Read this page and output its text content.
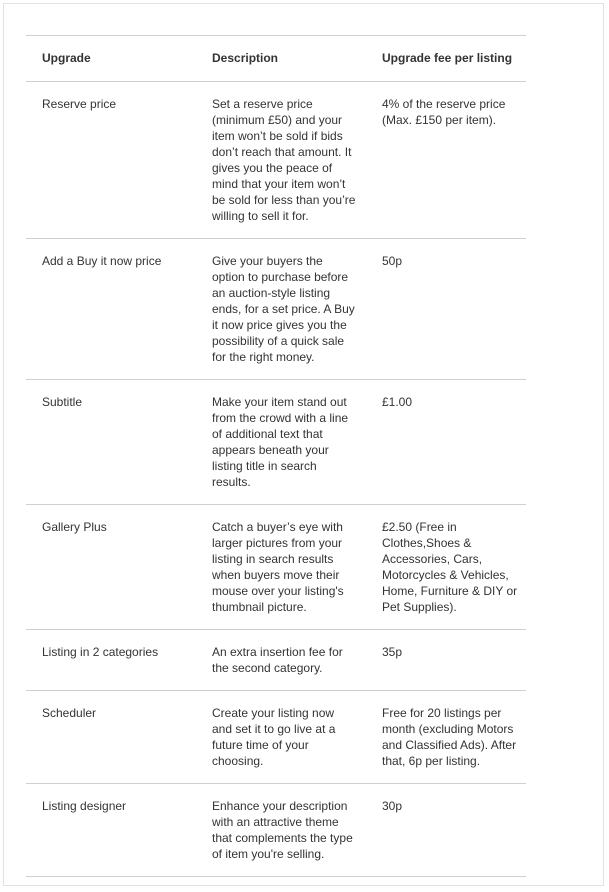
Upgrade	Description	Upgrade fee per listing
Reserve price	Set a reserve price (minimum £50) and your item won’t be sold if bids don’t reach that amount. It gives you the peace of mind that your item won’t be sold for less than you’re willing to sell it for.	4% of the reserve price (Max. £150 per item).
Add a Buy it now price	Give your buyers the option to purchase before an auction-style listing ends, for a set price. A Buy it now price gives you the possibility of a quick sale for the right money.	50p
Subtitle	Make your item stand out from the crowd with a line of additional text that appears beneath your listing title in search results.	£1.00
Gallery Plus	Catch a buyer’s eye with larger pictures from your listing in search results when buyers move their mouse over your listing's thumbnail picture.	£2.50 (Free in Clothes,Shoes & Accessories, Cars, Motorcycles & Vehicles, Home, Furniture & DIY or Pet Supplies).
Listing in 2 categories	An extra insertion fee for the second category.	35p
Scheduler	Create your listing now and set it to go live at a future time of your choosing.	Free for 20 listings per month (excluding Motors and Classified Ads). After that, 6p per listing.
Listing designer	Enhance your description with an attractive theme that complements the type of item you're selling.	30p
